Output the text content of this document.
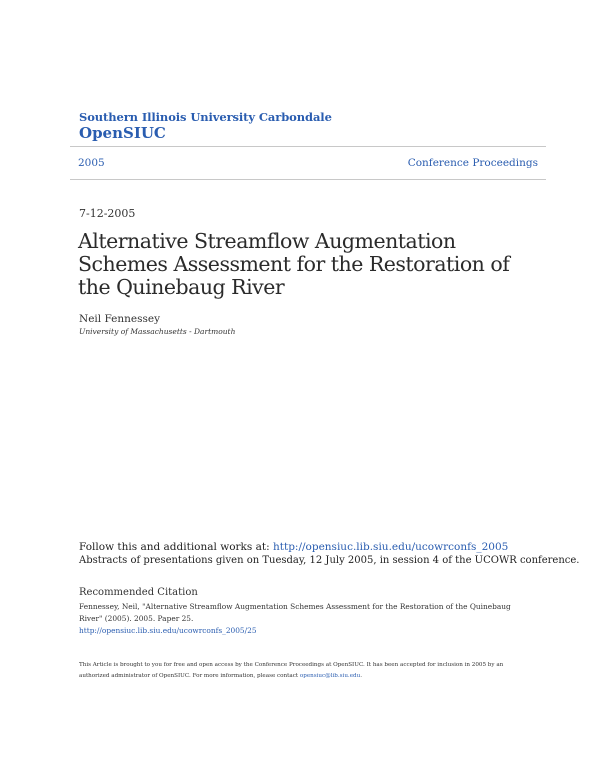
Southern Illinois University Carbondale
OpenSIUC
2005	Conference Proceedings
7-12-2005
Alternative Streamflow Augmentation Schemes Assessment for the Restoration of the Quinebaug River
Neil Fennessey
University of Massachusetts - Dartmouth
Follow this and additional works at: http://opensiuc.lib.siu.edu/ucowrconfs_2005
Abstracts of presentations given on Tuesday, 12 July 2005, in session 4 of the UCOWR conference.
Recommended Citation
Fennessey, Neil, "Alternative Streamflow Augmentation Schemes Assessment for the Restoration of the Quinebaug River" (2005). 2005. Paper 25.
http://opensiuc.lib.siu.edu/ucowrconfs_2005/25
This Article is brought to you for free and open access by the Conference Proceedings at OpenSIUC. It has been accepted for inclusion in 2005 by an authorized administrator of OpenSIUC. For more information, please contact opensiuc@lib.siu.edu.
